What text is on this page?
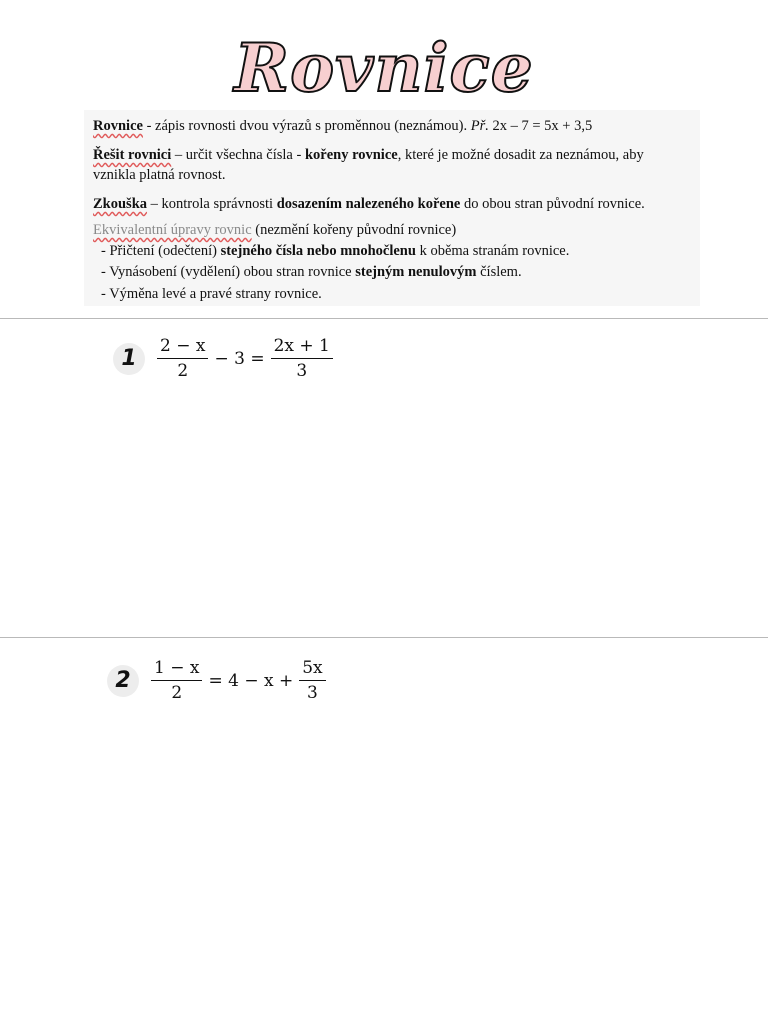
Rovnice
Rovnice - zápis rovnosti dvou výrazů s proměnnou (neznámou). Př. 2x – 7 = 5x + 3,5
Řešit rovnici – určit všechna čísla - kořeny rovnice, které je možné dosadit za neznámou, aby
vznikla platná rovnost.
Zkouška – kontrola správnosti dosazením nalezeného kořene do obou stran původní rovnice.
Ekvivalentní úpravy rovnic (nezmění kořeny původní rovnice)
- Přičtení (odečtení) stejného čísla nebo mnohočlenu k oběma stranám rovnice.
- Vynásobení (vydělení) obou stran rovnice stejným nenulovým číslem.
- Výměna levé a pravé strany rovnice.
1	$\frac{2 - x}{2} - 3 = \frac{2x + 1}{3}$
2	$\frac{1 - x}{2} = 4 - x + \frac{5x}{3}$
